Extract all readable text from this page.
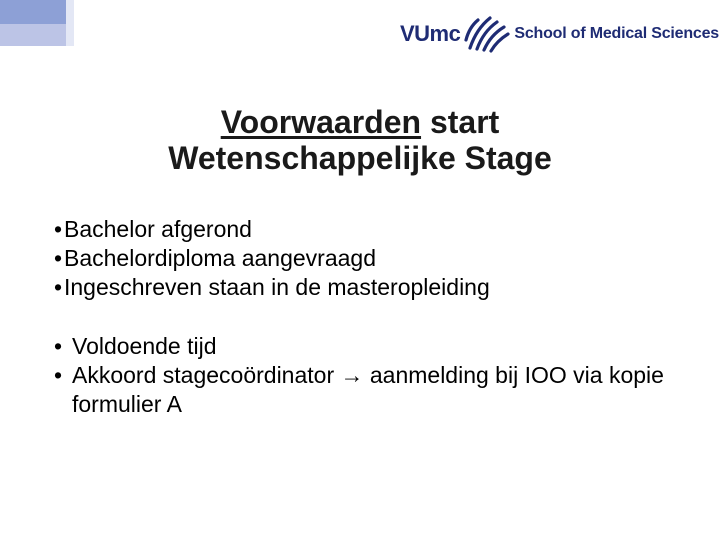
VUmc	School of Medical Sciences
Voorwaarden start
Wetenschappelijke Stage
• Bachelor afgerond
• Bachelordiploma aangevraagd
• Ingeschreven staan in de masteropleiding
• Voldoende tijd
• Akkoord stagecoördinator → aanmelding bij IOO via kopie formulier A
